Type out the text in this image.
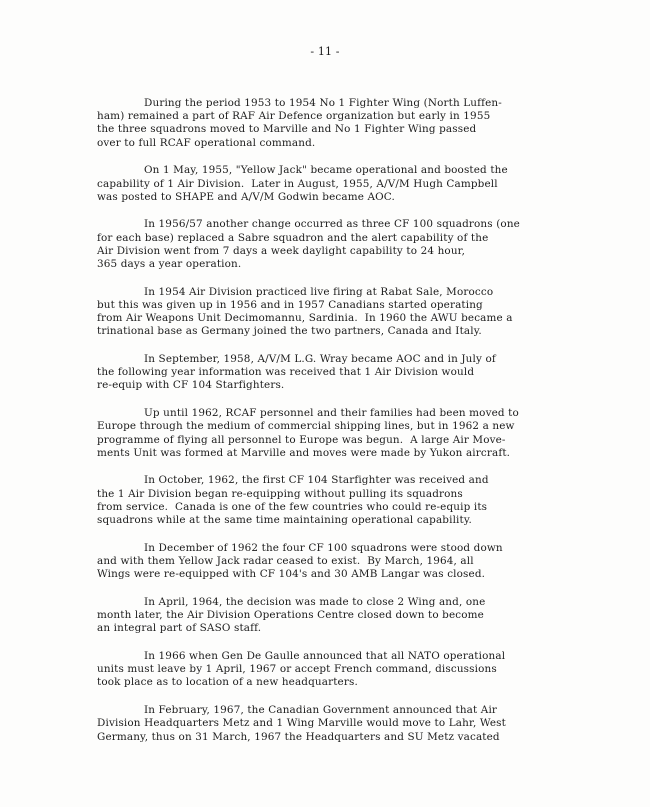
- 11 -
During the period 1953 to 1954 No 1 Fighter Wing (North Luffen-
ham) remained a part of RAF Air Defence organization but early in 1955
the three squadrons moved to Marville and No 1 Fighter Wing passed
over to full RCAF operational command.
On 1 May, 1955, "Yellow Jack" became operational and boosted the
capability of 1 Air Division.  Later in August, 1955, A/V/M Hugh Campbell
was posted to SHAPE and A/V/M Godwin became AOC.
In 1956/57 another change occurred as three CF 100 squadrons (one
for each base) replaced a Sabre squadron and the alert capability of the
Air Division went from 7 days a week daylight capability to 24 hour,
365 days a year operation.
In 1954 Air Division practiced live firing at Rabat Sale, Morocco
but this was given up in 1956 and in 1957 Canadians started operating
from Air Weapons Unit Decimomannu, Sardinia.  In 1960 the AWU became a
trinational base as Germany joined the two partners, Canada and Italy.
In September, 1958, A/V/M L.G. Wray became AOC and in July of
the following year information was received that 1 Air Division would
re-equip with CF 104 Starfighters.
Up until 1962, RCAF personnel and their families had been moved to
Europe through the medium of commercial shipping lines, but in 1962 a new
programme of flying all personnel to Europe was begun.  A large Air Move-
ments Unit was formed at Marville and moves were made by Yukon aircraft.
In October, 1962, the first CF 104 Starfighter was received and
the 1 Air Division began re-equipping without pulling its squadrons
from service.  Canada is one of the few countries who could re-equip its
squadrons while at the same time maintaining operational capability.
In December of 1962 the four CF 100 squadrons were stood down
and with them Yellow Jack radar ceased to exist.  By March, 1964, all
Wings were re-equipped with CF 104's and 30 AMB Langar was closed.
In April, 1964, the decision was made to close 2 Wing and, one
month later, the Air Division Operations Centre closed down to become
an integral part of SASO staff.
In 1966 when Gen De Gaulle announced that all NATO operational
units must leave by 1 April, 1967 or accept French command, discussions
took place as to location of a new headquarters.
In February, 1967, the Canadian Government announced that Air
Division Headquarters Metz and 1 Wing Marville would move to Lahr, West
Germany, thus on 31 March, 1967 the Headquarters and SU Metz vacated
